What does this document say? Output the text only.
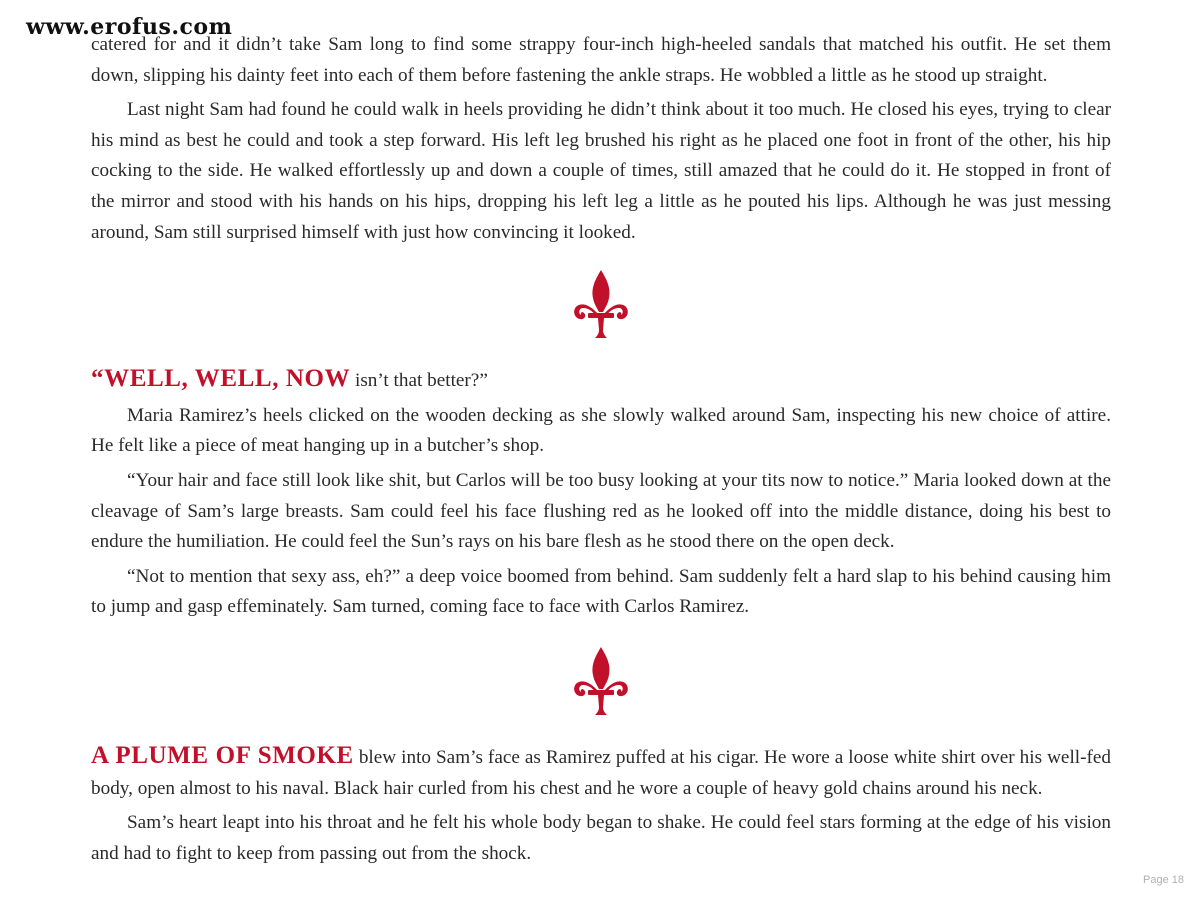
www.erofus.com

catered for and it didn’t take Sam long to find some strappy four-inch high-heeled sandals that matched his outfit. He set them down, slipping his dainty feet into each of them before fastening the ankle straps. He wobbled a little as he stood up straight.

Last night Sam had found he could walk in heels providing he didn’t think about it too much. He closed his eyes, trying to clear his mind as best he could and took a step forward. His left leg brushed his right as he placed one foot in front of the other, his hip cocking to the side. He walked effortlessly up and down a couple of times, still amazed that he could do it. He stopped in front of the mirror and stood with his hands on his hips, dropping his left leg a little as he pouted his lips. Although he was just messing around, Sam still surprised himself with just how convincing it looked.

“WELL, WELL, NOW isn’t that better?”

Maria Ramirez’s heels clicked on the wooden decking as she slowly walked around Sam, inspecting his new choice of attire. He felt like a piece of meat hanging up in a butcher’s shop.

“Your hair and face still look like shit, but Carlos will be too busy looking at your tits now to notice.” Maria looked down at the cleavage of Sam’s large breasts. Sam could feel his face flushing red as he looked off into the middle distance, doing his best to endure the humiliation. He could feel the Sun’s rays on his bare flesh as he stood there on the open deck.

“Not to mention that sexy ass, eh?” a deep voice boomed from behind. Sam suddenly felt a hard slap to his behind causing him to jump and gasp effeminately. Sam turned, coming face to face with Carlos Ramirez.

A PLUME OF SMOKE blew into Sam’s face as Ramirez puffed at his cigar. He wore a loose white shirt over his well-fed body, open almost to his naval. Black hair curled from his chest and he wore a couple of heavy gold chains around his neck.

Sam’s heart leapt into his throat and he felt his whole body began to shake. He could feel stars forming at the edge of his vision and had to fight to keep from passing out from the shock.

Page 18
